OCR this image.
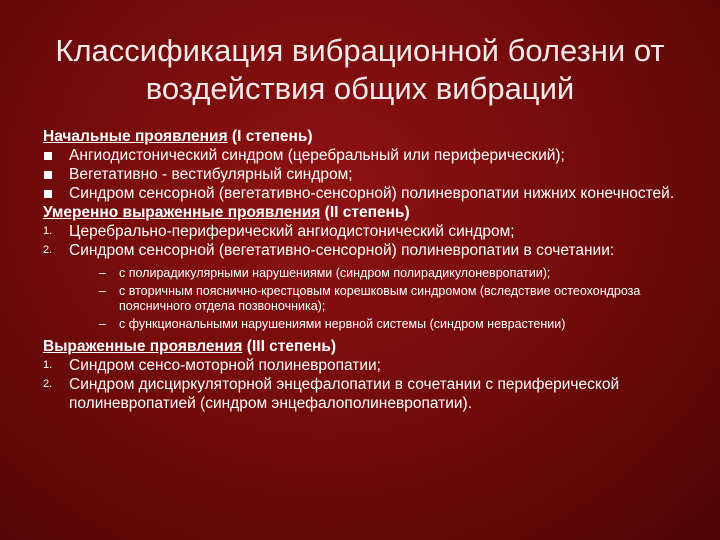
Классификация вибрационной болезни от воздействия общих вибраций
Начальные проявления (I степень)
Ангиодистонический синдром (церебральный или периферический);
Вегетативно - вестибулярный синдром;
Синдром сенсорной (вегетативно-сенсорной) полиневропатии нижних конечностей.
Умеренно выраженные проявления (II степень)
1.	Церебрально-периферический ангиодистонический синдром;
2.	Синдром сенсорной (вегетативно-сенсорной) полиневропатии в сочетании:
–	с полирадикулярными нарушениями (синдром полирадикулоневропатии);
–	с вторичным пояснично-крестцовым корешковым синдромом (вследствие остеохондроза поясничного отдела позвоночника);
–	с функциональными нарушениями нервной системы (синдром неврастении)
Выраженные проявления (III степень)
1.	Синдром сенсо-моторной полиневропатии;
2.	Синдром дисциркуляторной энцефалопатии в сочетании с периферической полиневропатией (синдром энцефалополиневропатии).
